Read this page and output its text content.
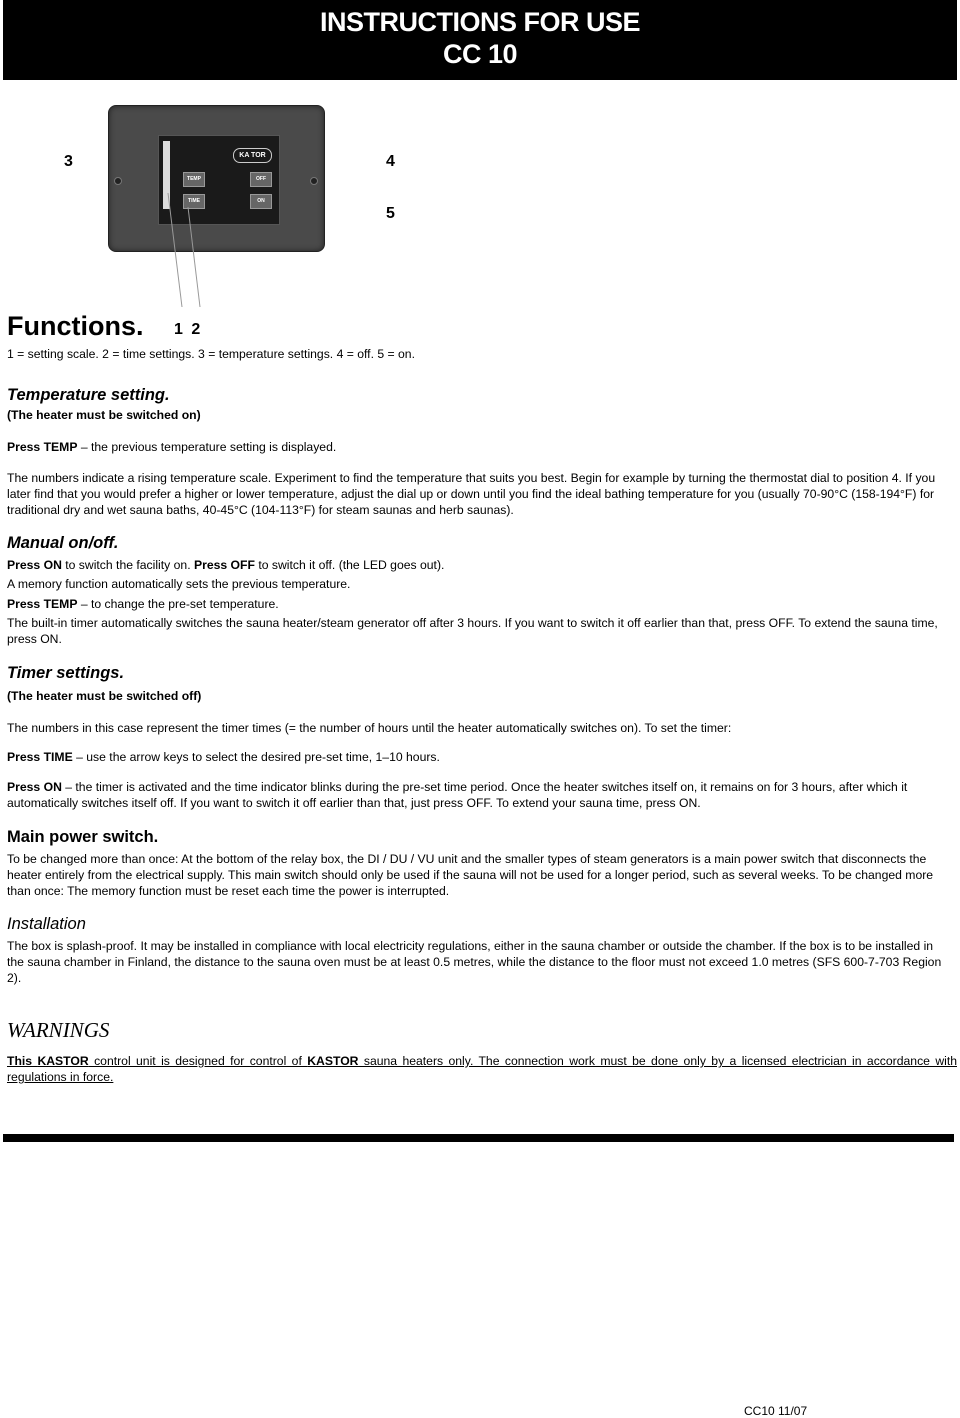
INSTRUCTIONS FOR USE
CC 10
KA TOR
TEMP
TIME
OFF
ON
3	4
5
Functions. 1 2
1 = setting scale. 2 = time settings. 3 = temperature settings. 4 = off. 5 = on.
Temperature setting.
(The heater must be switched on)
Press TEMP – the previous temperature setting is displayed.
The numbers indicate a rising temperature scale. Experiment to find the temperature that suits you best. Begin for example by turning the thermostat dial to position 4. If you later find that you would prefer a higher or lower temperature, adjust the dial up or down until you find the ideal bathing temperature for you (usually 70-90°C (158-194°F) for traditional dry and wet sauna baths, 40-45°C (104-113°F) for steam saunas and herb saunas).
Manual on/off.
Press ON to switch the facility on. Press OFF to switch it off. (the LED goes out).
A memory function automatically sets the previous temperature.
Press TEMP – to change the pre-set temperature.
The built-in timer automatically switches the sauna heater/steam generator off after 3 hours. If you want to switch it off earlier than that, press OFF. To extend the sauna time, press ON.
Timer settings.
(The heater must be switched off)
The numbers in this case represent the timer times (= the number of hours until the heater automatically switches on). To set the timer:
Press TIME – use the arrow keys to select the desired pre-set time, 1–10 hours.
Press ON – the timer is activated and the time indicator blinks during the pre-set time period. Once the heater switches itself on, it remains on for 3 hours, after which it automatically switches itself off. If you want to switch it off earlier than that, just press OFF. To extend your sauna time, press ON.
Main power switch.
To be changed more than once: At the bottom of the relay box, the DI / DU / VU unit and the smaller types of steam generators is a main power switch that disconnects the heater entirely from the electrical supply. This main switch should only be used if the sauna will not be used for a longer period, such as several weeks. To be changed more than once: The memory function must be reset each time the power is interrupted.
Installation
The box is splash-proof. It may be installed in compliance with local electricity regulations, either in the sauna chamber or outside the chamber. If the box is to be installed in the sauna chamber in Finland, the distance to the sauna oven must be at least 0.5 metres, while the distance to the floor must not exceed 1.0 metres (SFS 600-7-703 Region 2).
WARNINGS
This KASTOR control unit is designed for control of KASTOR sauna heaters only. The connection work must be done only by a licensed electrician in accordance with regulations in force.
CC10 11/07
